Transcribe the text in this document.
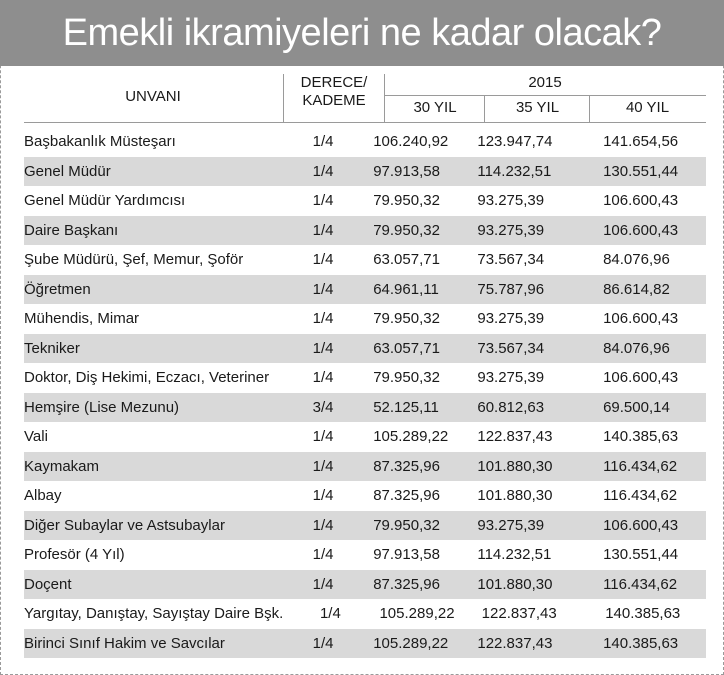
Emekli ikramiyeleri ne kadar olacak?
UNVANI
DERECE/
KADEME
2015
30 YIL	35 YIL	40 YIL
Başbakanlık Müsteşarı	1/4	106.240,92	123.947,74	141.654,56
Genel Müdür	1/4	97.913,58	114.232,51	130.551,44
Genel Müdür Yardımcısı	1/4	79.950,32	93.275,39	106.600,43
Daire Başkanı	1/4	79.950,32	93.275,39	106.600,43
Şube Müdürü, Şef, Memur, Şoför	1/4	63.057,71	73.567,34	84.076,96
Öğretmen	1/4	64.961,11	75.787,96	86.614,82
Mühendis, Mimar	1/4	79.950,32	93.275,39	106.600,43
Tekniker	1/4	63.057,71	73.567,34	84.076,96
Doktor, Diş Hekimi, Eczacı, Veteriner	1/4	79.950,32	93.275,39	106.600,43
Hemşire (Lise Mezunu)	3/4	52.125,11	60.812,63	69.500,14
Vali	1/4	105.289,22	122.837,43	140.385,63
Kaymakam	1/4	87.325,96	101.880,30	116.434,62
Albay	1/4	87.325,96	101.880,30	116.434,62
Diğer Subaylar ve Astsubaylar	1/4	79.950,32	93.275,39	106.600,43
Profesör (4 Yıl)	1/4	97.913,58	114.232,51	130.551,44
Doçent	1/4	87.325,96	101.880,30	116.434,62
Yargıtay, Danıştay, Sayıştay Daire Bşk.	1/4	105.289,22	122.837,43	140.385,63
Birinci Sınıf Hakim ve Savcılar	1/4	105.289,22	122.837,43	140.385,63
